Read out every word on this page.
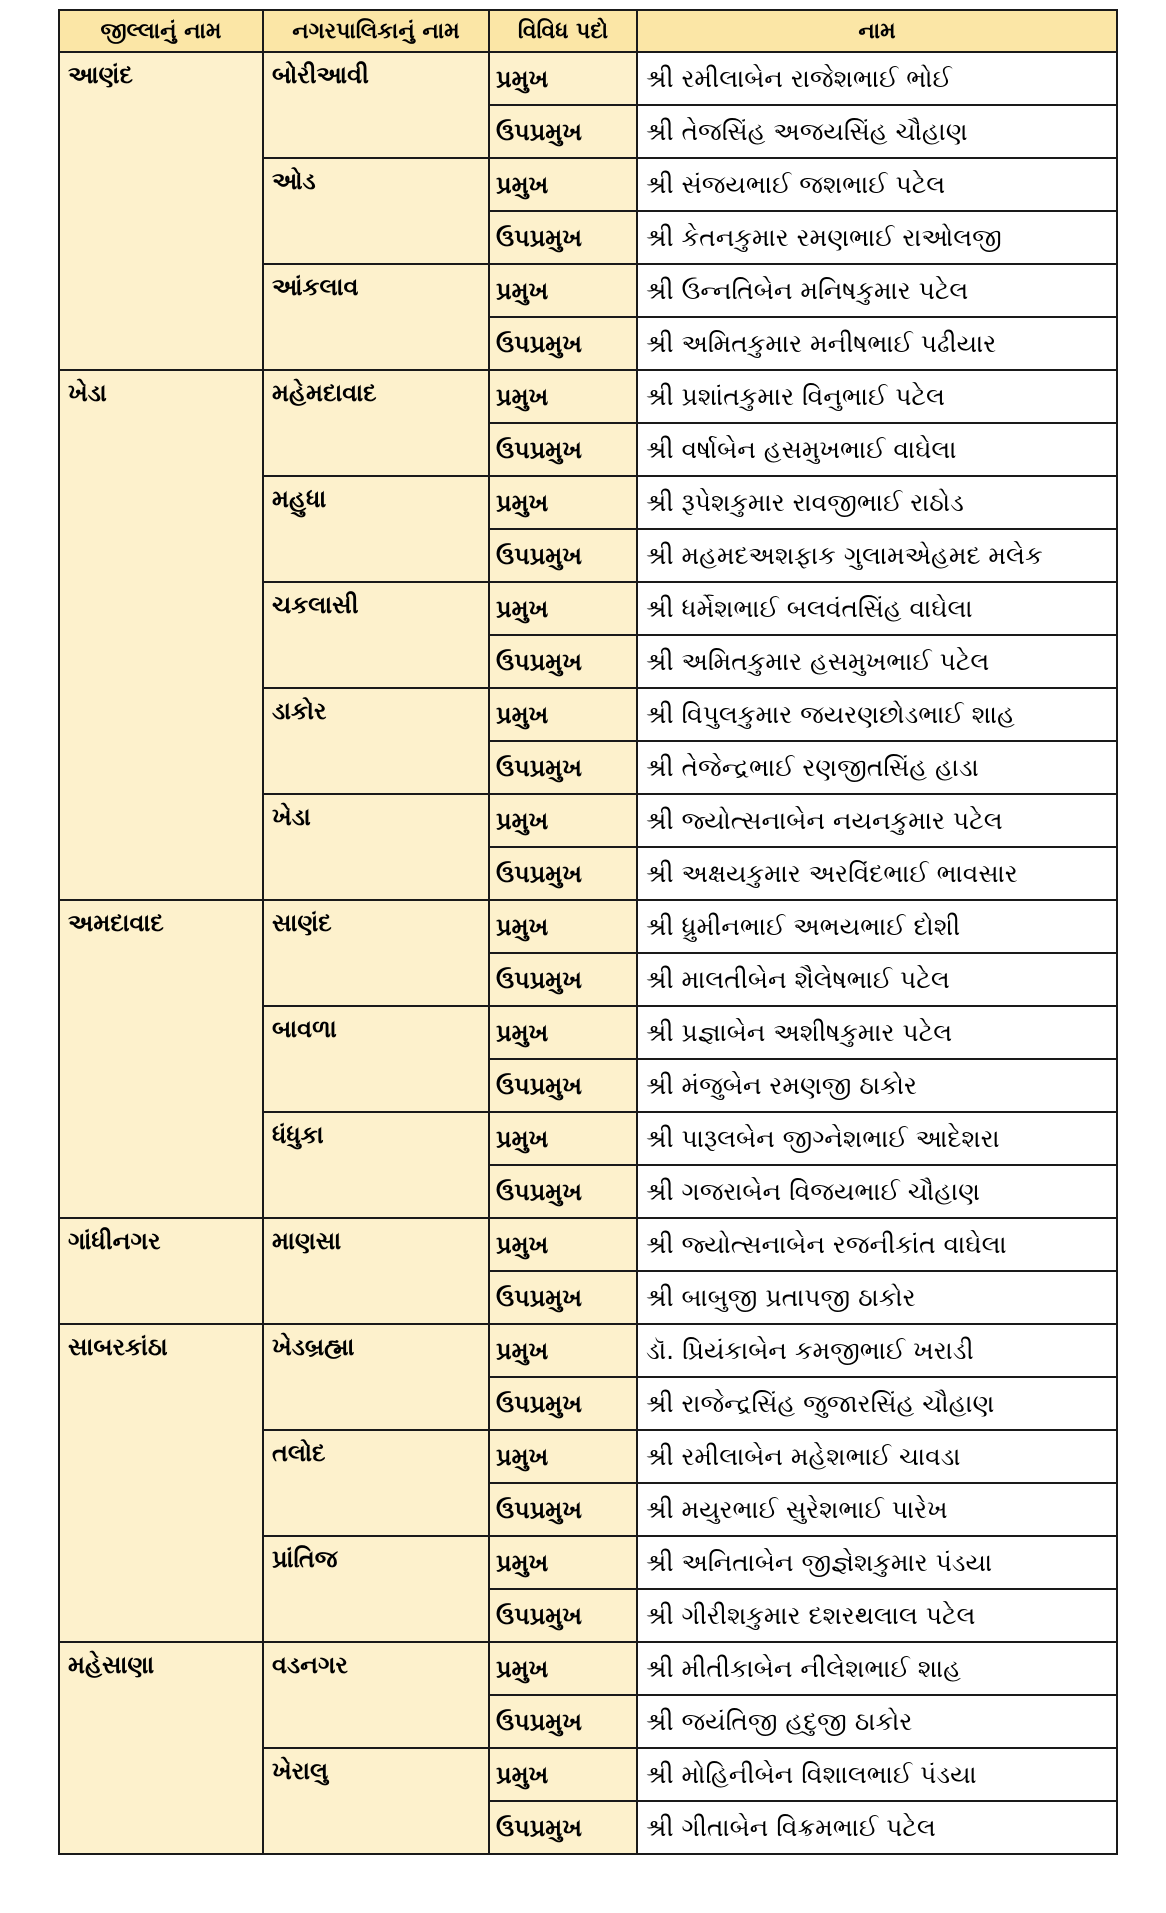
જીલ્લાનું નામ	નગરપાલિકાનું નામ	વિવિધ પદો	નામ
આણંદ	બોરીઆવી	પ્રમુખ	શ્રી રમીલાબેન રાજેશભાઈ ભોઈ
		ઉપપ્રમુખ	શ્રી તેજસિંહ અજયસિંહ ચૌહાણ
	ઓડ	પ્રમુખ	શ્રી સંજયભાઈ જશભાઈ પટેલ
		ઉપપ્રમુખ	શ્રી કેતનકુમાર રમણભાઈ રાઓલજી
	આંકલાવ	પ્રમુખ	શ્રી ઉન્નતિબેન મનિષકુમાર પટેલ
		ઉપપ્રમુખ	શ્રી અમિતકુમાર મનીષભાઈ પઢીયાર
ખેડા	મહેમદાવાદ	પ્રમુખ	શ્રી પ્રશાંતકુમાર વિનુભાઈ પટેલ
		ઉપપ્રમુખ	શ્રી વર્ષાબેન હસમુખભાઈ વાઘેલા
	મહુધા	પ્રમુખ	શ્રી રૂપેશકુમાર રાવજીભાઈ રાઠોડ
		ઉપપ્રમુખ	શ્રી મહમદઅશફાક ગુલામએહમદ મલેક
	ચકલાસી	પ્રમુખ	શ્રી ધર્મેશભાઈ બલવંતસિંહ વાઘેલા
		ઉપપ્રમુખ	શ્રી અમિતકુમાર હસમુખભાઈ પટેલ
	ડાકોર	પ્રમુખ	શ્રી વિપુલકુમાર જયરણછોડભાઈ શાહ
		ઉપપ્રમુખ	શ્રી તેજેન્દ્રભાઈ રણજીતસિંહ હાડા
	ખેડા	પ્રમુખ	શ્રી જ્યોત્સનાબેન નયનકુમાર પટેલ
		ઉપપ્રમુખ	શ્રી અક્ષયકુમાર અરવિંદભાઈ ભાવસાર
અમદાવાદ	સાણંદ	પ્રમુખ	શ્રી ધ્રુમીનભાઈ અભયભાઈ દોશી
		ઉપપ્રમુખ	શ્રી માલતીબેન શૈલેષભાઈ પટેલ
	બાવળા	પ્રમુખ	શ્રી પ્રજ્ઞાબેન અશીષકુમાર પટેલ
		ઉપપ્રમુખ	શ્રી મંજુબેન રમણજી ઠાકોર
	ધંધુકા	પ્રમુખ	શ્રી પારૂલબેન જીગ્નેશભાઈ આદેશરા
		ઉપપ્રમુખ	શ્રી ગજરાબેન વિજયભાઈ ચૌહાણ
ગાંધીનગર	માણસા	પ્રમુખ	શ્રી જ્યોત્સનાબેન રજનીકાંત વાઘેલા
		ઉપપ્રમુખ	શ્રી બાબુજી પ્રતાપજી ઠાકોર
સાબરકાંઠા	ખેડબ્રહ્મા	પ્રમુખ	ડૉ. પ્રિયંકાબેન કમજીભાઈ ખરાડી
		ઉપપ્રમુખ	શ્રી રાજેન્દ્રસિંહ જુજારસિંહ ચૌહાણ
	તલોદ	પ્રમુખ	શ્રી રમીલાબેન મહેશભાઈ ચાવડા
		ઉપપ્રમુખ	શ્રી મયુરભાઈ સુરેશભાઈ પારેખ
	પ્રાંતિજ	પ્રમુખ	શ્રી અનિતાબેન જીજ્ઞેશકુમાર પંડયા
		ઉપપ્રમુખ	શ્રી ગીરીશકુમાર દશરથલાલ પટેલ
મહેસાણા	વડનગર	પ્રમુખ	શ્રી મીતીકાબેન નીલેશભાઈ શાહ
		ઉપપ્રમુખ	શ્રી જયંતિજી હદુજી ઠાકોર
	ખેરાલુ	પ્રમુખ	શ્રી મોહિનીબેન વિશાલભાઈ પંડયા
		ઉપપ્રમુખ	શ્રી ગીતાબેન વિક્રમભાઈ પટેલ
